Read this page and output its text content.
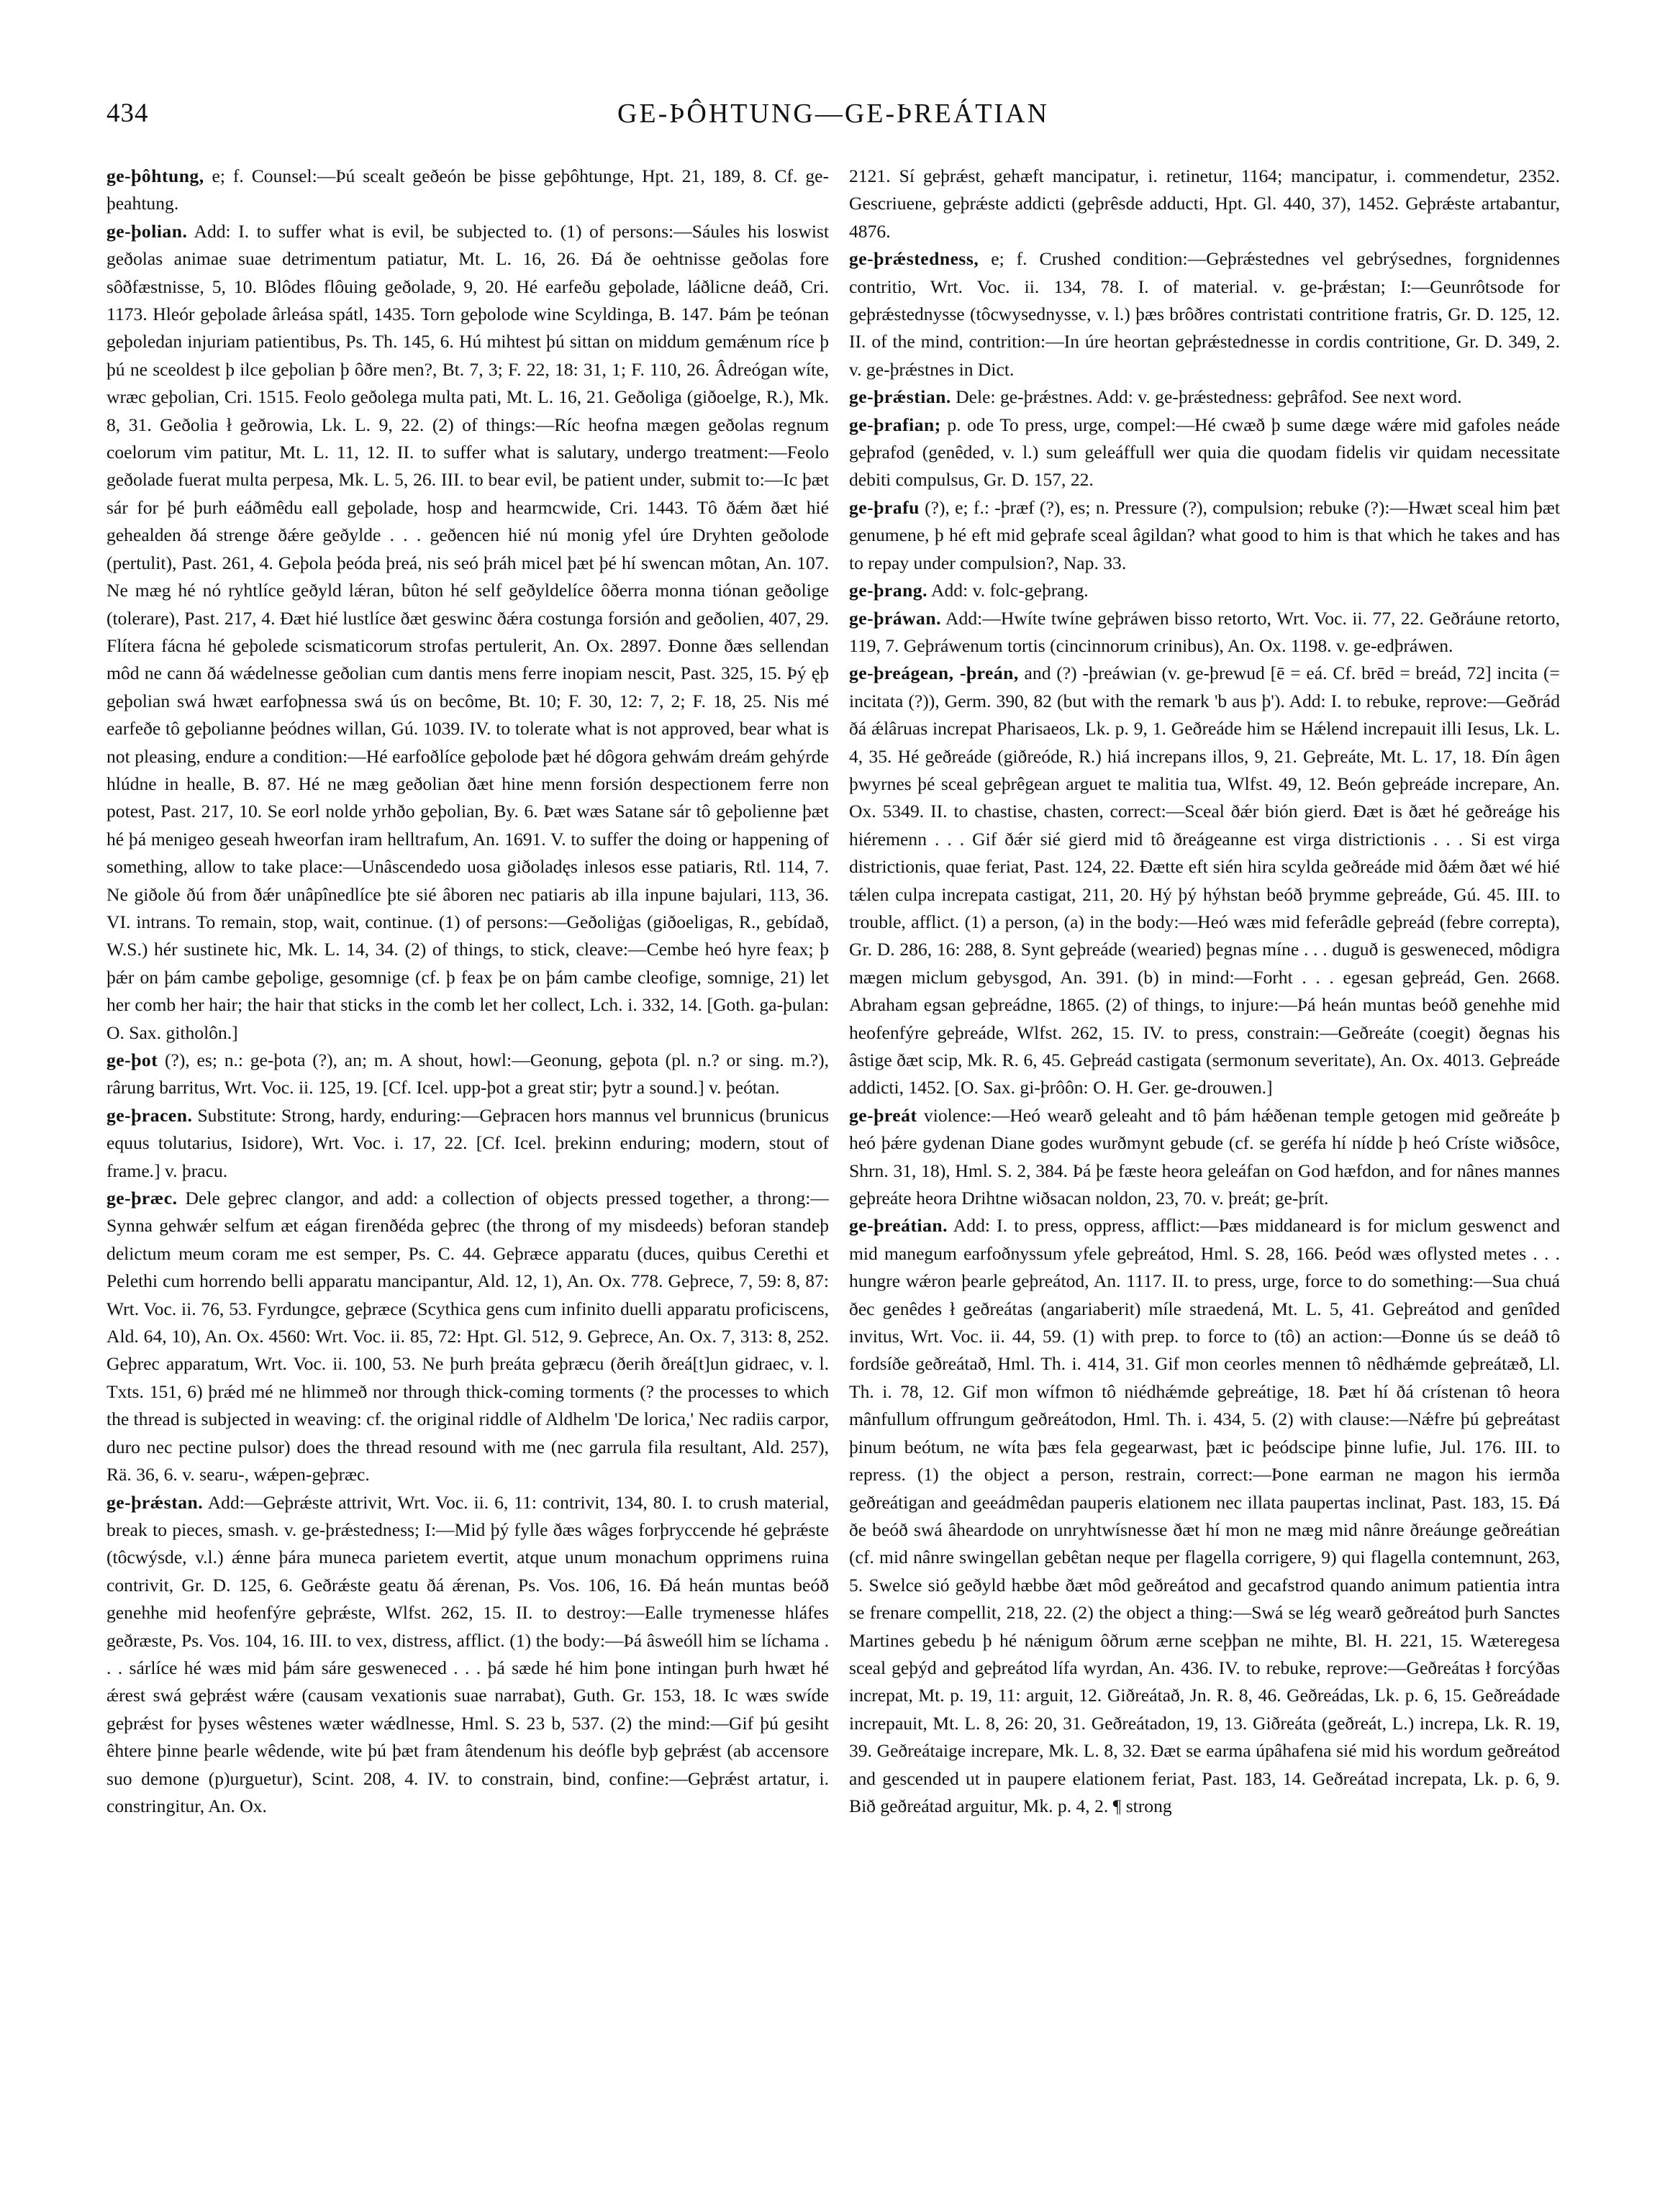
434	GE-ÞÔHTUNG—GE-ÞREÁTIAN

ge-þôhtung, e; f. Counsel:—Þú scealt geðeón be þisse geþôhtunge, Hpt. 21, 189, 8. Cf. ge-þeahtung.

ge-þolian. Add: I. to suffer what is evil, be subjected to. (1) of persons:—Sáules his loswist geðolas animae suae detrimentum patiatur, Mt. L. 16, 26. Ðá ðe oehtnisse geðolas fore sôðfæstnisse, 5, 10. Blôdes flôuing geðolade, 9, 20. Hé earfeðu geþolade, láðlicne deáð, Cri. 1173. Hleór geþolade ârleása spátl, 1435. Torn geþolode wine Scyldinga, B. 147. Þám þe teónan geþoledan injuriam patientibus, Ps. Th. 145, 6. Hú mihtest þú sittan on middum gemǽnum ríce þ þú ne sceoldest þ ilce geþolian þ ôðre men?, Bt. 7, 3; F. 22, 18: 31, 1; F. 110, 26. Âdreógan wíte, wræc geþolian, Cri. 1515. Feolo geðolega multa pati, Mt. L. 16, 21. Geðoliga (giðoelge, R.), Mk. 8, 31. Geðolia ł geðrowia, Lk. L. 9, 22. (2) of things:—Ríc heofna mægen geðolas regnum coelorum vim patitur, Mt. L. 11, 12. II. to suffer what is salutary, undergo treatment:—Feolo geðolade fuerat multa perpesa, Mk. L. 5, 26. III. to bear evil, be patient under, submit to:—Ic þæt sár for þé þurh eáðmêdu eall geþolade, hosp and hearmcwide, Cri. 1443. Tô ðǽm ðæt hié gehealden ðá strenge ðǽre geðylde . . . geðencen hié nú monig yfel úre Dryhten geðolode (pertulit), Past. 261, 4. Geþola þeóda þreá, nis seó þráh micel þæt þé hí swencan môtan, An. 107. Ne mæg hé nó ryhtlíce geðyld lǽran, bûton hé self geðyldelíce ôðerra monna tiónan geðolige (tolerare), Past. 217, 4. Ðæt hié lustlíce ðæt geswinc ðǽra costunga forsión and geðolien, 407, 29. Flítera fácna hé geþolede scismaticorum strofas pertulerit, An. Ox. 2897. Ðonne ðæs sellendan môd ne cann ðá wǽdelnesse geðolian cum dantis mens ferre inopiam nescit, Past. 325, 15. Þý ęþ geþolian swá hwæt earfoþnessa swá ús on becôme, Bt. 10; F. 30, 12: 7, 2; F. 18, 25. Nis mé earfeðe tô geþolianne þeódnes willan, Gú. 1039. IV. to tolerate what is not approved, bear what is not pleasing, endure a condition:—Hé earfoðlíce geþolode þæt hé dôgora gehwám dreám gehýrde hlúdne in healle, B. 87. Hé ne mæg geðolian ðæt hine menn forsión despectionem ferre non potest, Past. 217, 10. Se eorl nolde yrhðo geþolian, By. 6. Þæt wæs Satane sár tô geþolienne þæt hé þá menigeo geseah hweorfan iram helltrafum, An. 1691. V. to suffer the doing or happening of something, allow to take place:—Unâscendedo uosa giðoladęs inlesos esse patiaris, Rtl. 114, 7. Ne giðole ðú from ðǽr unâpînedlíce þte sié âboren nec patiaris ab illa inpune bajulari, 113, 36. VI. intrans. To remain, stop, wait, continue. (1) of persons:—Geðoliġas (giðoeligas, R., gebídað, W.S.) hér sustinete hic, Mk. L. 14, 34. (2) of things, to stick, cleave:—Cembe heó hyre feax; þ þǽr on þám cambe geþolige, gesomnige (cf. þ feax þe on þám cambe cleofige, somnige, 21) let her comb her hair; the hair that sticks in the comb let her collect, Lch. i. 332, 14. [Goth. ga-þulan: O. Sax. githolôn.]

ge-þot (?), es; n.: ge-þota (?), an; m. A shout, howl:—Geonung, geþota (pl. n.? or sing. m.?), rârung barritus, Wrt. Voc. ii. 125, 19. [Cf. Icel. upp-þot a great stir; þytr a sound.] v. þeótan.

ge-þracen. Substitute: Strong, hardy, enduring:—Geþracen hors mannus vel brunnicus (brunicus equus tolutarius, Isidore), Wrt. Voc. i. 17, 22. [Cf. Icel. þrekinn enduring; modern, stout of frame.] v. þracu.

ge-þræc. Dele geþrec clangor, and add: a collection of objects pressed together, a throng:—Synna gehwǽr selfum æt eágan firenðéda geþrec (the throng of my misdeeds) beforan standeþ delictum meum coram me est semper, Ps. C. 44. Geþræce apparatu (duces, quibus Cerethi et Pelethi cum horrendo belli apparatu mancipantur, Ald. 12, 1), An. Ox. 778. Geþrece, 7, 59: 8, 87: Wrt. Voc. ii. 76, 53. Fyrdungce, geþræce (Scythica gens cum infinito duelli apparatu proficiscens, Ald. 64, 10), An. Ox. 4560: Wrt. Voc. ii. 85, 72: Hpt. Gl. 512, 9. Geþrece, An. Ox. 7, 313: 8, 252. Geþrec apparatum, Wrt. Voc. ii. 100, 53. Ne þurh þreáta geþræcu (ðerih ðreá[t]un gidraec, v. l. Txts. 151, 6) þrǽd mé ne hlimmeð nor through thick-coming torments (? the processes to which the thread is subjected in weaving: cf. the original riddle of Aldhelm 'De lorica,' Nec radiis carpor, duro nec pectine pulsor) does the thread resound with me (nec garrula fila resultant, Ald. 257), Rä. 36, 6. v. searu-, wǽpen-geþræc.

ge-þrǽstan. Add:—Geþrǽste attrivit, Wrt. Voc. ii. 6, 11: contrivit, 134, 80. I. to crush material, break to pieces, smash. v. ge-þrǽstedness; I:—Mid þý fylle ðæs wâges forþryccende hé geþrǽste (tôcwýsde, v.l.) ǽnne þára muneca parietem evertit, atque unum monachum opprimens ruina contrivit, Gr. D. 125, 6. Geðrǽste geatu ðá ǽrenan, Ps. Vos. 106, 16. Ðá heán muntas beóð genehhe mid heofenfýre geþrǽste, Wlfst. 262, 15. II. to destroy:—Ealle trymenesse hláfes geðræste, Ps. Vos. 104, 16. III. to vex, distress, afflict. (1) the body:—Þá âsweóll him se líchama . . . sárlíce hé wæs mid þám sáre gesweneced . . . þá sæde hé him þone intingan þurh hwæt hé ǽrest swá geþrǽst wǽre (causam vexationis suae narrabat), Guth. Gr. 153, 18. Ic wæs swíde geþrǽst for þyses wêstenes wæter wǽdlnesse, Hml. S. 23 b, 537. (2) the mind:—Gif þú gesiht êhtere þinne þearle wêdende, wite þú þæt fram âtendenum his deófle byþ geþrǽst (ab accensore suo demone (p)urguetur), Scint. 208, 4. IV. to constrain, bind, confine:—Geþrǽst artatur, i. constringitur, An. Ox.

2121. Sí geþrǽst, gehæft mancipatur, i. retinetur, 1164; mancipatur, i. commendetur, 2352. Gescriuene, geþrǽste addicti (geþrêsde adducti, Hpt. Gl. 440, 37), 1452. Geþrǽste artabantur, 4876.

ge-þrǽstedness, e; f. Crushed condition:—Geþrǽstednes vel gebrýsednes, forgnidennes contritio, Wrt. Voc. ii. 134, 78. I. of material. v. ge-þrǽstan; I:—Geunrôtsode for geþrǽstednysse (tôcwysednysse, v. l.) þæs brôðres contristati contritione fratris, Gr. D. 125, 12. II. of the mind, contrition:—In úre heortan geþrǽstednesse in cordis contritione, Gr. D. 349, 2. v. ge-þrǽstnes in Dict.

ge-þrǽstian. Dele: ge-þrǽstnes. Add: v. ge-þrǽstedness: geþrâfod. See next word.

ge-þrafian; p. ode To press, urge, compel:—Hé cwæð þ sume dæge wǽre mid gafoles neáde geþrafod (genêded, v. l.) sum geleáffull wer quia die quodam fidelis vir quidam necessitate debiti compulsus, Gr. D. 157, 22.

ge-þrafu (?), e; f.: -þræf (?), es; n. Pressure (?), compulsion; rebuke (?):—Hwæt sceal him þæt genumene, þ hé eft mid geþrafe sceal âgildan? what good to him is that which he takes and has to repay under compulsion?, Nap. 33.

ge-þrang. Add: v. folc-geþrang.

ge-þráwan. Add:—Hwíte twíne geþráwen bisso retorto, Wrt. Voc. ii. 77, 22. Geðráune retorto, 119, 7. Geþráwenum tortis (cincinnorum crinibus), An. Ox. 1198. v. ge-edþráwen.

ge-þreágean, -þreán, and (?) -þreáwian (v. ge-þrewud [ē = eá. Cf. brēd = breád, 72] incita (= incitata (?)), Germ. 390, 82 (but with the remark 'b aus þ'). Add: I. to rebuke, reprove:—Geðrád ðá ǽlâruas increpat Pharisaeos, Lk. p. 9, 1. Geðreáde him se Hǽlend increpauit illi Iesus, Lk. L. 4, 35. Hé geðreáde (giðreóde, R.) hiá increpans illos, 9, 21. Geþreáte, Mt. L. 17, 18. Ðín âgen þwyrnes þé sceal geþrêgean arguet te malitia tua, Wlfst. 49, 12. Beón geþreáde increpare, An. Ox. 5349. II. to chastise, chasten, correct:—Sceal ðǽr bión gierd. Ðæt is ðæt hé geðreáge his hiéremenn . . . Gif ðǽr sié gierd mid tô ðreágeanne est virga districtionis . . . Si est virga districtionis, quae feriat, Past. 124, 22. Ðætte eft sién hira scylda geðreáde mid ðǽm ðæt wé hié tǽlen culpa increpata castigat, 211, 20. Hý þý hýhstan beóð þrymme geþreáde, Gú. 45. III. to trouble, afflict. (1) a person, (a) in the body:—Heó wæs mid feferâdle geþreád (febre correpta), Gr. D. 286, 16: 288, 8. Synt geþreáde (wearied) þegnas míne . . . duguð is gesweneced, môdigra mægen miclum gebysgod, An. 391. (b) in mind:—Forht . . . egesan geþreád, Gen. 2668. Abraham egsan geþreádne, 1865. (2) of things, to injure:—Þá heán muntas beóð genehhe mid heofenfýre geþreáde, Wlfst. 262, 15. IV. to press, constrain:—Geðreáte (coegit) ðegnas his âstige ðæt scip, Mk. R. 6, 45. Geþreád castigata (sermonum severitate), An. Ox. 4013. Geþreáde addicti, 1452. [O. Sax. gi-þrôôn: O. H. Ger. ge-drouwen.]

ge-þreát violence:—Heó wearð geleaht and tô þám hǽðenan temple getogen mid geðreáte þ heó þǽre gydenan Diane godes wurðmynt gebude (cf. se geréfa hí nídde þ heó Críste wiðsôce, Shrn. 31, 18), Hml. S. 2, 384. Þá þe fæste heora geleáfan on God hæfdon, and for nânes mannes geþreáte heora Drihtne wiðsacan noldon, 23, 70. v. þreát; ge-þrít.

ge-þreátian. Add: I. to press, oppress, afflict:—Þæs middaneard is for miclum geswenct and mid manegum earfoðnyssum yfele geþreátod, Hml. S. 28, 166. Þeód wæs oflysted metes . . . hungre wǽron þearle geþreátod, An. 1117. II. to press, urge, force to do something:—Sua chuá ðec genêdes ł geðreátas (angariaberit) míle straedená, Mt. L. 5, 41. Geþreátod and genîded invitus, Wrt. Voc. ii. 44, 59. (1) with prep. to force to (tô) an action:—Ðonne ús se deáð tô fordsíðe geðreátað, Hml. Th. i. 414, 31. Gif mon ceorles mennen tô nêdhǽmde geþreátæð, Ll. Th. i. 78, 12. Gif mon wífmon tô niédhǽmde geþreátige, 18. Þæt hí ðá crístenan tô heora mânfullum offrungum geðreátodon, Hml. Th. i. 434, 5. (2) with clause:—Nǽfre þú geþreátast þinum beótum, ne wíta þæs fela gegearwast, þæt ic þeódscipe þinne lufie, Jul. 176. III. to repress. (1) the object a person, restrain, correct:—Þone earman ne magon his iermða geðreátigan and geeádmêdan pauperis elationem nec illata paupertas inclinat, Past. 183, 15. Ðá ðe beóð swá âheardode on unryhtwísnesse ðæt hí mon ne mæg mid nânre ðreáunge geðreátian (cf. mid nânre swingellan gebêtan neque per flagella corrigere, 9) qui flagella contemnunt, 263, 5. Swelce sió geðyld hæbbe ðæt môd geðreátod and gecafstrod quando animum patientia intra se frenare compellit, 218, 22. (2) the object a thing:—Swá se lég wearð geðreátod þurh Sanctes Martines gebedu þ hé nǽnigum ôðrum ærne sceþþan ne mihte, Bl. H. 221, 15. Wæteregesa sceal geþýd and geþreátod lífa wyrdan, An. 436. IV. to rebuke, reprove:—Geðreátas ł forcýðas increpat, Mt. p. 19, 11: arguit, 12. Giðreátað, Jn. R. 8, 46. Geðreádas, Lk. p. 6, 15. Geðreádade increpauit, Mt. L. 8, 26: 20, 31. Geðreátadon, 19, 13. Giðreáta (geðreát, L.) increpa, Lk. R. 19, 39. Geðreátaige increpare, Mk. L. 8, 32. Ðæt se earma úpâhafena sié mid his wordum geðreátod and gescended ut in paupere elationem feriat, Past. 183, 14. Geðreátad increpata, Lk. p. 6, 9. Bið geðreátad arguitur, Mk. p. 4, 2. ¶ strong
